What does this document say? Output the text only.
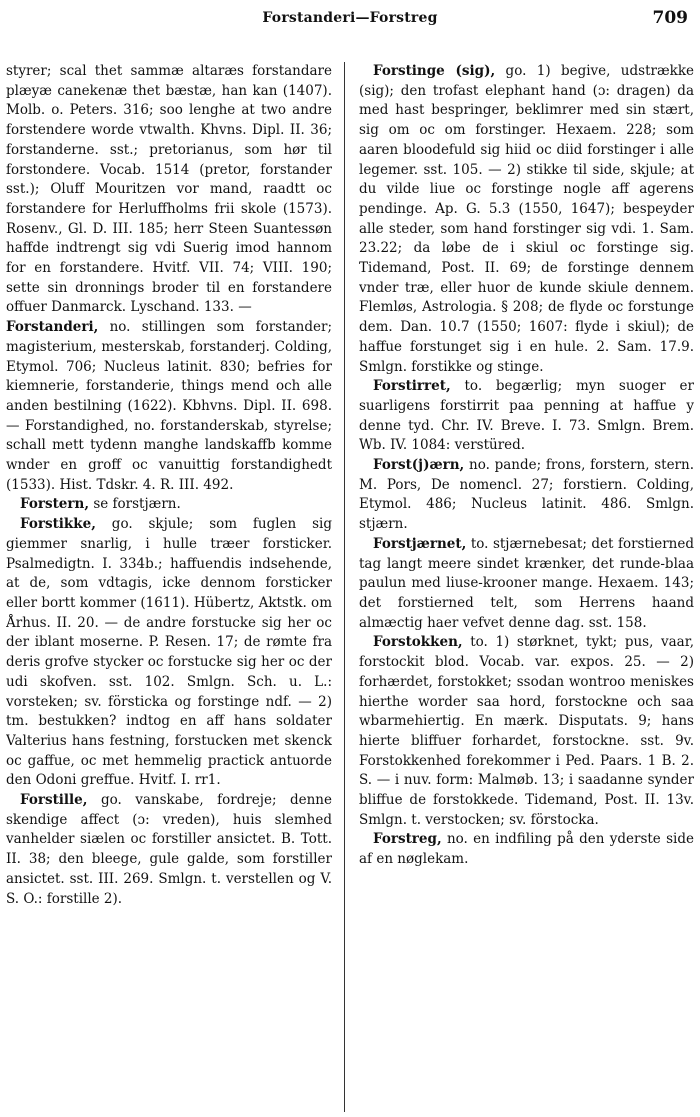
Forstanderi—Forstreg	709

styrer; scal thet sammæ altaræs forstandare plæyæ canekenæ thet bæstæ, han kan (1407). Molb. o. Peters. 316; soo lenghe at two andre forstendere worde vtwalth. Khvns. Dipl. II. 36; forstanderne. sst.; pretorianus, som hør til forstondere. Vocab. 1514 (pretor, forstander sst.); Oluff Mouritzen vor mand, raadtt oc forstandere for Herluffholms frii skole (1573). Rosenv., Gl. D. III. 185; herr Steen Suantessøn haffde indtrengt sig vdi Suerig imod hannom for en forstandere. Hvitf. VII. 74; VIII. 190; sette sin dronnings broder til en forstandere offuer Danmarck. Lyschand. 133. —

Forstanderi, no. stillingen som forstander; magisterium, mesterskab, forstanderj. Colding, Etymol. 706; Nucleus latinit. 830; befries for kiemnerie, forstanderie, things mend och alle anden bestilning (1622). Kbhvns. Dipl. II. 698. — Forstandighed, no. forstanderskab, styrelse; schall mett tydenn manghe landskaffb komme wnder en groff oc vanuittig forstandighedt (1533). Hist. Tdskr. 4. R. III. 492.

Forstern, se forstjærn.

Forstikke, go. skjule; som fuglen sig giemmer snarlig, i hulle træer forsticker. Psalmedigtn. I. 334b.; haffuendis indsehende, at de, som vdtagis, icke dennom forsticker eller bortt kommer (1611). Hübertz, Aktstk. om Århus. II. 20. — de andre forstucke sig her oc der iblant moserne. P. Resen. 17; de rømte fra deris grofve stycker oc forstucke sig her oc der udi skofven. sst. 102. Smlgn. Sch. u. L.: vorsteken; sv. försticka og forstinge ndf. — 2) tm. bestukken? indtog en aff hans soldater Valterius hans festning, forstucken met skenck oc gaffue, oc met hemmelig practick antuorde den Odoni greffue. Hvitf. I. rr1.

Forstille, go. vanskabe, fordreje; denne skendige affect (ɔ: vreden), huis slemhed vanhelder siælen oc forstiller ansictet. B. Tott. II. 38; den bleege, gule galde, som forstiller ansictet. sst. III. 269. Smlgn. t. verstellen og V. S. O.: forstille 2).

Forstinge (sig), go. 1) begive, udstrække (sig); den trofast elephant hand (ɔ: dragen) da med hast bespringer, beklimrer med sin stært, sig om oc om forstinger. Hexaem. 228; som aaren bloodefuld sig hiid oc diid forstinger i alle legemer. sst. 105. — 2) stikke til side, skjule; at du vilde liue oc forstinge nogle aff agerens pendinge. Ap. G. 5.3 (1550, 1647); bespeyder alle steder, som hand forstinger sig vdi. 1. Sam. 23.22; da løbe de i skiul oc forstinge sig. Tidemand, Post. II. 69; de forstinge dennem vnder træ, eller huor de kunde skiule dennem. Flemløs, Astrologia. § 208; de flyde oc forstunge dem. Dan. 10.7 (1550; 1607: flyde i skiul); de haffue forstunget sig i en hule. 2. Sam. 17.9. Smlgn. forstikke og stinge.

Forstirret, to. begærlig; myn suoger er suarligens forstirrit paa penning at haffue y denne tyd. Chr. IV. Breve. I. 73. Smlgn. Brem. Wb. IV. 1084: verstüred.

Forst(j)ærn, no. pande; frons, forstern, stern. M. Pors, De nomencl. 27; forstiern. Colding, Etymol. 486; Nucleus latinit. 486. Smlgn. stjærn.

Forstjærnet, to. stjærnebesat; det forstierned tag langt meere sindet krænker, det runde-blaa paulun med liuse-krooner mange. Hexaem. 143; det forstierned telt, som Herrens haand almæctig haer vefvet denne dag. sst. 158.

Forstokken, to. 1) størknet, tykt; pus, vaar, forstockit blod. Vocab. var. expos. 25. — 2) forhærdet, forstokket; ssodan wontroo meniskes hierthe worder saa hord, forstockne och saa wbarmehiertig. En mærk. Disputats. 9; hans hierte bliffuer forhardet, forstockne. sst. 9v. Forstokkenhed forekommer i Ped. Paars. 1 B. 2. S. — i nuv. form: Malmøb. 13; i saadanne synder bliffue de forstokkede. Tidemand, Post. II. 13v. Smlgn. t. verstocken; sv. förstocka.

Forstreg, no. en indfiling på den yderste side af en nøglekam.
